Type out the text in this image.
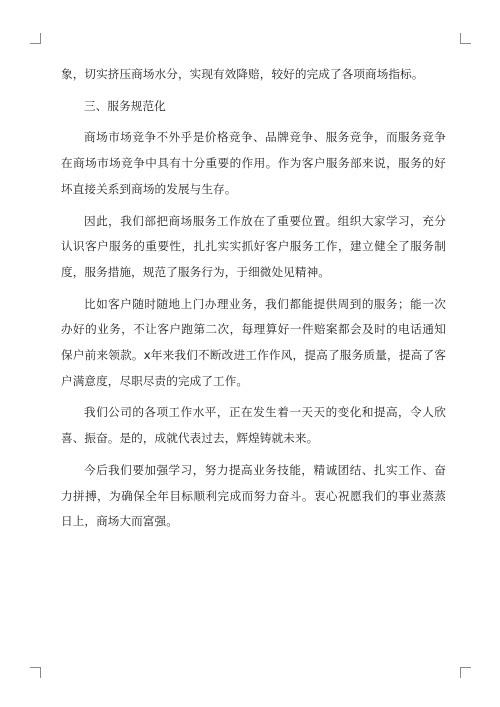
象，切实挤压商场水分，实现有效降赔，较好的完成了各项商场指标。

三、服务规范化

商场市场竞争不外乎是价格竞争、品牌竞争、服务竞争，而服务竞争在商场市场竞争中具有十分重要的作用。作为客户服务部来说，服务的好坏直接关系到商场的发展与生存。

因此，我们部把商场服务工作放在了重要位置。组织大家学习，充分认识客户服务的重要性，扎扎实实抓好客户服务工作，建立健全了服务制度，服务措施，规范了服务行为，于细微处见精神。

比如客户随时随地上门办理业务，我们都能提供周到的服务；能一次办好的业务，不让客户跑第二次，每理算好一件赔案都会及时的电话通知保户前来领款。x年来我们不断改进工作作风，提高了服务质量，提高了客户满意度，尽职尽责的完成了工作。

我们公司的各项工作水平，正在发生着一天天的变化和提高，令人欣喜、振奋。是的，成就代表过去，辉煌铸就未来。

今后我们要加强学习，努力提高业务技能，精诚团结、扎实工作、奋力拼搏，为确保全年目标顺利完成而努力奋斗。衷心祝愿我们的事业蒸蒸日上，商场大而富强。
